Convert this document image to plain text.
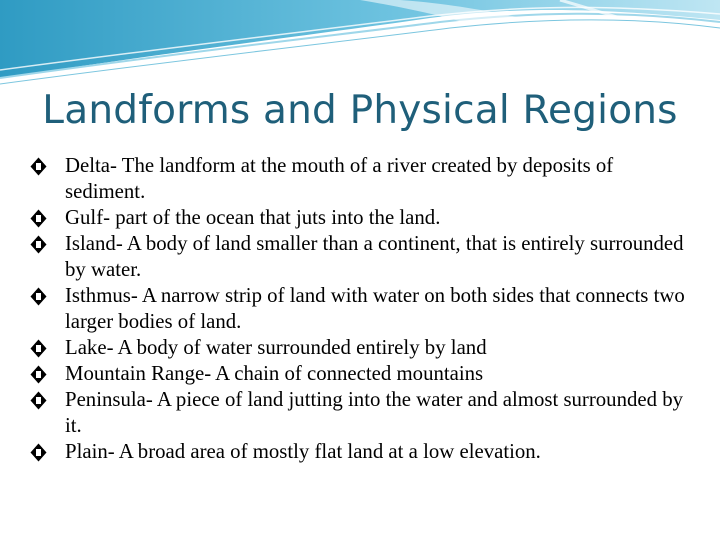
Landforms and Physical Regions
Delta- The landform at the mouth of a river created by deposits of sediment.
Gulf- part of the ocean that juts into the land.
Island- A body of land smaller than a continent, that is entirely surrounded by water.
Isthmus- A narrow strip of land with water on both sides that connects two larger bodies of land.
Lake- A body of water surrounded entirely by land
Mountain Range- A chain of connected mountains
Peninsula- A piece of land jutting into the water and almost surrounded by it.
Plain- A broad area of mostly flat land at a low elevation.
